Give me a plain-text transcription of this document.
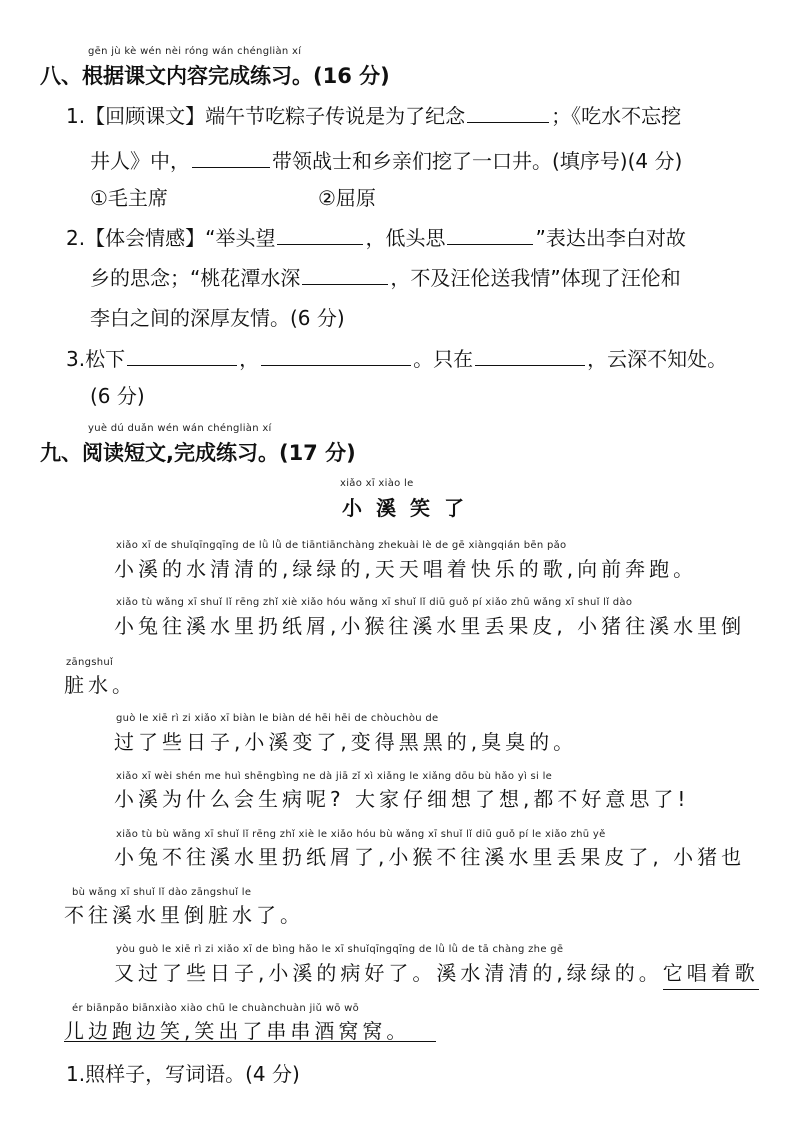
gēn jù kè wén nèi róng wán chéngliàn xí
八、根据课文内容完成练习。(16 分)
1.【回顾课文】端午节吃粽子传说是为了纪念	；《吃水不忘挖
井人》中，	带领战士和乡亲们挖了一口井。(填序号)(4 分)
①毛主席	②屈原
2.【体会情感】“举头望	，低头思	”表达出李白对故
乡的思念；“桃花潭水深	，不及汪伦送我情”体现了汪伦和
李白之间的深厚友情。(6 分)
3.松下	，	。只在	，云深不知处。
(6 分)
yuè dú duǎn wén wán chéngliàn xí
九、阅读短文,完成练习。(17 分)
xiǎo xī xiào le
小溪笑了
xiǎo xī de shuǐqīngqīng de lǜ lǜ de tiāntiānchàng zhekuài lè de gē xiàngqián bēn pǎo
小溪的水清清的,绿绿的,天天唱着快乐的歌,向前奔跑。
xiǎo tù wǎng xī shuǐ lǐ rēng zhǐ xiè xiǎo hóu wǎng xī shuǐ lǐ diū guǒ pí xiǎo zhū wǎng xī shuǐ lǐ dào
小兔往溪水里扔纸屑,小猴往溪水里丢果皮, 小猪往溪水里倒
zāngshuǐ
脏水。
guò le xiē rì zi xiǎo xī biàn le biàn dé hēi hēi de chòuchòu de
过了些日子,小溪变了,变得黑黑的,臭臭的。
xiǎo xī wèi shén me huì shēngbìng ne dà jiā zǐ xì xiǎng le xiǎng dōu bù hǎo yì si le
小溪为什么会生病呢? 大家仔细想了想,都不好意思了!
xiǎo tù bù wǎng xī shuǐ lǐ rēng zhǐ xiè le xiǎo hóu bù wǎng xī shuǐ lǐ diū guǒ pí le xiǎo zhū yě
小兔不往溪水里扔纸屑了,小猴不往溪水里丢果皮了, 小猪也
bù wǎng xī shuǐ lǐ dào zāngshuǐ le
不往溪水里倒脏水了。
yòu guò le xiē rì zi xiǎo xī de bìng hǎo le xī shuǐqīngqīng de lǜ lǜ de tā chàng zhe gē
又过了些日子,小溪的病好了。溪水清清的,绿绿的。它唱着歌
ér biānpǎo biānxiào xiào chū le chuànchuàn jiǔ wō wō
儿边跑边笑,笑出了串串酒窝窝。
1.照样子，写词语。(4 分)
